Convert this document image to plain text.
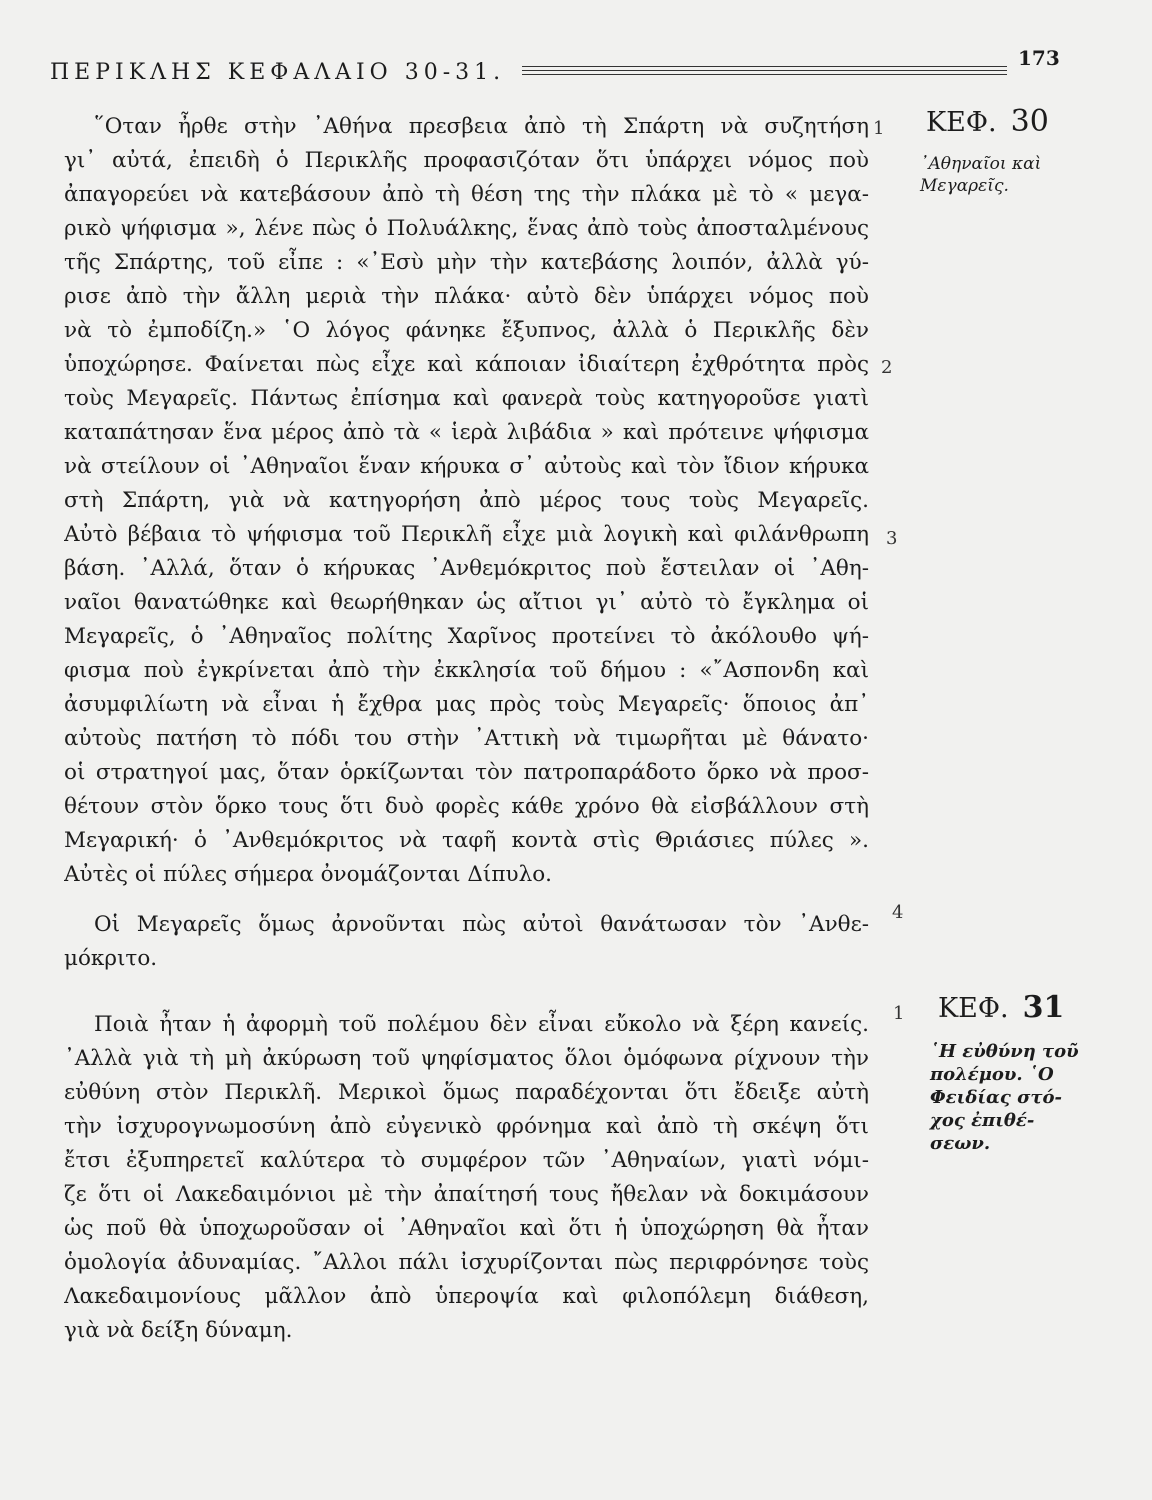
ΠΕΡΙΚΛΗΣ ΚΕΦΑΛΑΙΟ 30-31.
173
ΚΕΦ. 30
᾿Αθηναῖοι καὶ
Μεγαρεῖς.
1
2
3
4
῞Οταν ἦρθε στὴν ᾿Αθήνα πρεσβεια ἀπὸ τὴ Σπάρτη νὰ συζητήση
γι᾿ αὐτά, ἐπειδὴ ὁ Περικλῆς προφασιζόταν ὅτι ὑπάρχει νόμος ποὺ
ἀπαγορεύει νὰ κατεβάσουν ἀπὸ τὴ θέση της τὴν πλάκα μὲ τὸ « μεγα-
ρικὸ ψήφισμα », λένε πὼς ὁ Πολυάλκης, ἕνας ἀπὸ τοὺς ἀποσταλμένους
τῆς Σπάρτης, τοῦ εἶπε : «᾿Εσὺ μὴν τὴν κατεβάσης λοιπόν, ἀλλὰ γύ-
ρισε ἀπὸ τὴν ἄλλη μεριὰ τὴν πλάκα· αὐτὸ δὲν ὑπάρχει νόμος ποὺ
νὰ τὸ ἐμποδίζη.» ῾Ο λόγος φάνηκε ἔξυπνος, ἀλλὰ ὁ Περικλῆς δὲν
ὑποχώρησε. Φαίνεται πὼς εἶχε καὶ κάποιαν ἰδιαίτερη ἐχθρότητα πρὸς
τοὺς Μεγαρεῖς. Πάντως ἐπίσημα καὶ φανερὰ τοὺς κατηγοροῦσε γιατὶ
καταπάτησαν ἕνα μέρος ἀπὸ τὰ « ἱερὰ λιβάδια » καὶ πρότεινε ψήφισμα
νὰ στείλουν οἱ ᾿Αθηναῖοι ἕναν κήρυκα σ᾿ αὐτοὺς καὶ τὸν ἴδιον κήρυκα
στὴ Σπάρτη, γιὰ νὰ κατηγορήση ἀπὸ μέρος τους τοὺς Μεγαρεῖς.
Αὐτὸ βέβαια τὸ ψήφισμα τοῦ Περικλῆ εἶχε μιὰ λογικὴ καὶ φιλάνθρωπη
βάση. ᾿Αλλά, ὅταν ὁ κήρυκας ᾿Ανθεμόκριτος ποὺ ἔστειλαν οἱ ᾿Αθη-
ναῖοι θανατώθηκε καὶ θεωρήθηκαν ὡς αἴτιοι γι᾿ αὐτὸ τὸ ἔγκλημα οἱ
Μεγαρεῖς, ὁ ᾿Αθηναῖος πολίτης Χαρῖνος προτείνει τὸ ἀκόλουθο ψή-
φισμα ποὺ ἐγκρίνεται ἀπὸ τὴν ἐκκλησία τοῦ δήμου : «῎Ασπονδη καὶ
ἀσυμφιλίωτη νὰ εἶναι ἡ ἔχθρα μας πρὸς τοὺς Μεγαρεῖς· ὅποιος ἀπ᾿
αὐτοὺς πατήση τὸ πόδι του στὴν ᾿Αττικὴ νὰ τιμωρῆται μὲ θάνατο·
οἱ στρατηγοί μας, ὅταν ὁρκίζωνται τὸν πατροπαράδοτο ὅρκο νὰ προσ-
θέτουν στὸν ὅρκο τους ὅτι δυὸ φορὲς κάθε χρόνο θὰ εἰσβάλλουν στὴ
Μεγαρική· ὁ ᾿Ανθεμόκριτος νὰ ταφῆ κοντὰ στὶς Θριάσιες πύλες ».
Αὐτὲς οἱ πύλες σήμερα ὀνομάζονται Δίπυλο.
Οἱ Μεγαρεῖς ὅμως ἀρνοῦνται πὼς αὐτοὶ θανάτωσαν τὸν ᾿Ανθε-
μόκριτο.
ΚΕΦ. 31
῾Η εὐθύνη τοῦ
πολέμου. ῾Ο
Φειδίας στό-
χος ἐπιθέ-
σεων.
1
Ποιὰ ἦταν ἡ ἀφορμὴ τοῦ πολέμου δὲν εἶναι εὔκολο νὰ ξέρη κανείς.
᾿Αλλὰ γιὰ τὴ μὴ ἀκύρωση τοῦ ψηφίσματος ὅλοι ὁμόφωνα ρίχνουν τὴν
εὐθύνη στὸν Περικλῆ. Μερικοὶ ὅμως παραδέχονται ὅτι ἔδειξε αὐτὴ
τὴν ἰσχυρογνωμοσύνη ἀπὸ εὐγενικὸ φρόνημα καὶ ἀπὸ τὴ σκέψη ὅτι
ἔτσι ἐξυπηρετεῖ καλύτερα τὸ συμφέρον τῶν ᾿Αθηναίων, γιατὶ νόμι-
ζε ὅτι οἱ Λακεδαιμόνιοι μὲ τὴν ἀπαίτησή τους ἤθελαν νὰ δοκιμάσουν
ὡς ποῦ θὰ ὑποχωροῦσαν οἱ ᾿Αθηναῖοι καὶ ὅτι ἡ ὑποχώρηση θὰ ἦταν
ὁμολογία ἀδυναμίας. ῎Αλλοι πάλι ἰσχυρίζονται πὼς περιφρόνησε τοὺς
Λακεδαιμονίους μᾶλλον ἀπὸ ὑπεροψία καὶ φιλοπόλεμη διάθεση,
γιὰ νὰ δείξη δύναμη.
